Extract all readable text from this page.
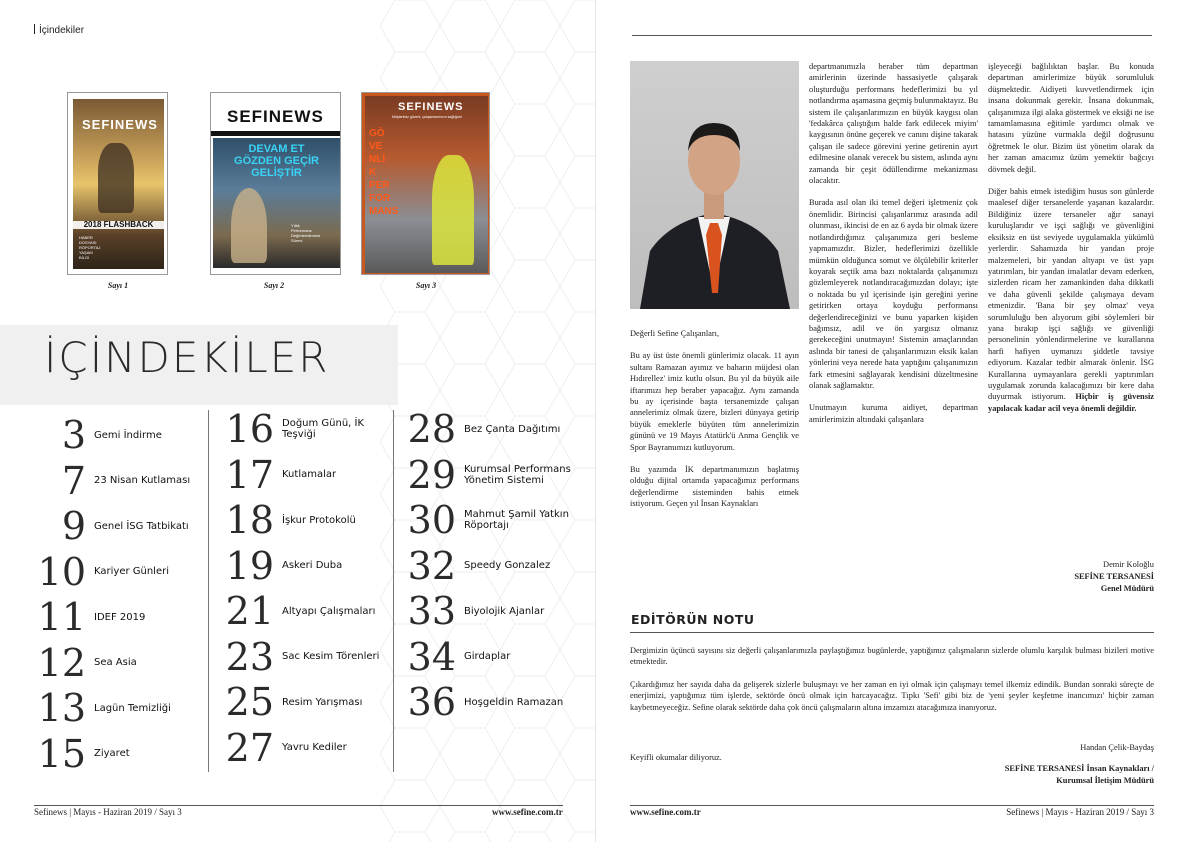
İçindekiler
SEFINEWS
2018 FLASHBACK
HABER
DOSYASI
RÖPORTAJ
YAŞAM
BİLGİ
Sayı 1
SEFINEWS
DEVAM ET
GÖZDEN GEÇİR
GELİŞTİR
Yıllık
Performans
Değerlendirmesi
Süreci
Sayı 2
SEFINEWS
Müşterimiz güveni, çalışanlarımızın sağlığıdır
GÖ
VE
NLİ
K
PER
FOR
MANS
Sayı 3
İÇİNDEKİLER
3 Gemi İndirme
7 23 Nisan Kutlaması
9 Genel İSG Tatbikatı
10 Kariyer Günleri
11 IDEF 2019
12 Sea Asia
13 Lagün Temizliği
15 Ziyaret
16 Doğum Günü, İK Teşviği
17 Kutlamalar
18 İşkur Protokolü
19 Askeri Duba
21 Altyapı Çalışmaları
23 Sac Kesim Törenleri
25 Resim Yarışması
27 Yavru Kediler
28 Bez Çanta Dağıtımı
29 Kurumsal Performans Yönetim Sistemi
30 Mahmut Şamil Yatkın Röportajı
32 Speedy Gonzalez
33 Biyolojik Ajanlar
34 Girdaplar
36 Hoşgeldin Ramazan
Sefinews | Mayıs - Haziran 2019 / Sayı 3	www.sefine.com.tr

Değerli Sefine Çalışanları,

Bu ay üst üste önemli günlerimiz olacak. 11 ayın sultanı Ramazan ayımız ve baharın müjdesi olan Hıdırellez' imiz kutlu olsun. Bu yıl da büyük aile iftarımızı hep beraber yapacağız. Aynı zamanda bu ay içerisinde başta tersanemizde çalışan annelerimiz olmak üzere, bizleri dünyaya getirip büyük emeklerle büyüten tüm annelerimizin gününü ve 19 Mayıs Atatürk'ü Anma Gençlik ve Spor Bayramımızı kutluyorum.

Bu yazımda İK departmanımızın başlatmış olduğu dijital ortamda yapacağımız performans değerlendirme sisteminden bahis etmek istiyorum. Geçen yıl İnsan Kaynakları

departmanımızla beraber tüm departman amirlerinin üzerinde hassasiyetle çalışarak oluşturduğu performans hedeflerimizi bu yıl notlandırma aşamasına geçmiş bulunmaktayız. Bu sistem ile çalışanlarımızın en büyük kaygısı olan 'fedakârca çalıştığım halde fark edilecek miyim' kaygısının önüne geçerek ve canını dişine takarak çalışan ile sadece görevini yerine getirenin ayırt edilmesine olanak verecek bu sistem, aslında aynı zamanda bir çeşit ödüllendirme mekanizması olacaktır.

Burada asıl olan iki temel değeri işletmeniz çok önemlidir. Birincisi çalışanlarımız arasında adil olunması, ikincisi de en az 6 ayda bir olmak üzere notlandırdığımız çalışanımıza geri besleme yapmamızdır. Bizler, hedeflerimizi özellikle mümkün olduğunca somut ve ölçülebilir kriterler koyarak seçtik ama bazı noktalarda çalışanımızı gözlemleyerek notlandıracağımızdan dolayı; işte o noktada bu yıl içerisinde işin gereğini yerine getirirken ortaya koyduğu performansı değerlendireceğinizi ve bunu yaparken kişiden bağımsız, adil ve ön yargısız olmanız gerekeceğini unutmayın! Sistemin amaçlarından aslında bir tanesi de çalışanlarımızın eksik kalan yönlerini veya nerede hata yaptığını çalışanımızın fark etmesini sağlayarak kendisini düzeltmesine olanak sağlamaktır.

Unutmayın kuruma aidiyet, departman amirlerimizin altındaki çalışanlara

işleyeceği bağlılıktan başlar. Bu konuda departman amirlerimize büyük sorumluluk düşmektedir. Aidiyeti kuvvetlendirmek için insana dokunmak gerekir. İnsana dokunmak, çalışanımıza ilgi alaka göstermek ve eksiği ne ise tamamlamasına eğitimle yardımcı olmak ve hatasını yüzüne vurmakla değil doğrusunu öğretmek le olur. Bizim üst yönetim olarak da her zaman amacımız üzüm yemektir bağcıyı dövmek değil.

Diğer bahis etmek istediğim husus son günlerde maalesef diğer tersanelerde yaşanan kazalardır. Bildiğiniz üzere tersaneler ağır sanayi kuruluşlarıdır ve işçi sağlığı ve güvenliğini eksiksiz en üst seviyede uygulamakla yükümlü yerlerdir. Sahamızda bir yandan proje malzemeleri, bir yandan altyapı ve üst yapı yatırımları, bir yandan imalatlar devam ederken, sizlerden ricam her zamankinden daha dikkatli ve daha güvenli şekilde çalışmaya devam etmenizdir. 'Bana bir şey olmaz' veya sorumluluğu ben alıyorum gibi söylemleri bir yana bırakıp işçi sağlığı ve güvenliği personelinin yönlendirmelerine ve kurallarına harfi hafiyen uymanızı şiddetle tavsiye ediyorum. Kazalar tedbir almarak önlenir. İSG Kurallarına uymayanlara gerekli yaptırımları uygulamak zorunda kalacağımızı bir kere daha duyurmak istiyorum. Hiçbir iş güvensiz yapılacak kadar acil veya önemli değildir.

Demir Koloğlu
SEFİNE TERSANESİ
Genel Müdürü
EDİTÖRÜN NOTU

Dergimizin üçüncü sayısını siz değerli çalışanlarımızla paylaştığımız bugünlerde, yaptığımız çalışmaların sizlerde olumlu karşılık bulması bizileri motive etmektedir.

Çıkardığımız her sayıda daha da gelişerek sizlerle buluşmayı ve her zaman en iyi olmak için çalışmayı temel ilkemiz edindik. Bundan sonraki süreçte de enerjimizi, yaptığımız tüm işlerde, sektörde öncü olmak için harcayacağız. Tıpkı 'Sefi' gibi biz de 'yeni şeyler keşfetme inancımızı' hiçbir zaman kaybetmeyeceğiz. Sefine olarak sektörde daha çok öncü çalışmaların altına imzamızı atacağımıza inanıyoruz.

Handan Çelik-Baydaş
Keyifli okumalar diliyoruz.
SEFİNE TERSANESİ İnsan Kaynakları /
Kurumsal İletişim Müdürü
www.sefine.com.tr	Sefinews | Mayıs - Haziran 2019 / Sayı 3
